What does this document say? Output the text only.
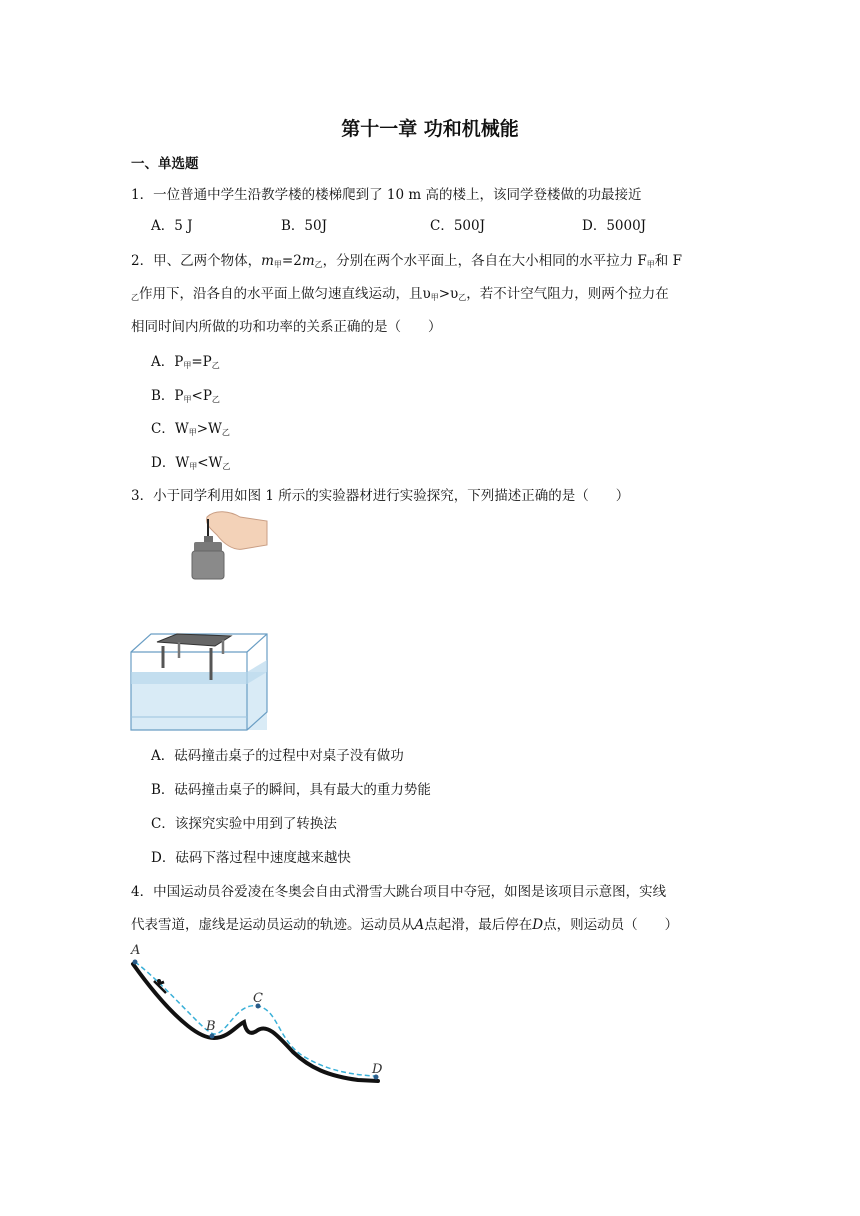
第十一章 功和机械能
一、单选题
1．一位普通中学生沿教学楼的楼梯爬到了 10 m 高的楼上，该同学登楼做的功最接近
A．5 J	B．50J	C．500J	D．5000J
2．甲、乙两个物体，$m_甲=2m_乙$，分别在两个水平面上，各自在大小相同的水平拉力 $F_甲$和 F
$_乙$作用下，沿各自的水平面上做匀速直线运动，且$\upsilon_甲>\upsilon_乙$，若不计空气阻力，则两个拉力在
相同时间内所做的功和功率的关系正确的是（　　）
A．$P_甲=P_乙$
B．$P_甲<P_乙$
C．$W_甲>W_乙$
D．$W_甲<W_乙$
3．小于同学利用如图 1 所示的实验器材进行实验探究，下列描述正确的是（　　）
A．砝码撞击桌子的过程中对桌子没有做功
B．砝码撞击桌子的瞬间，具有最大的重力势能
C．该探究实验中用到了转换法
D．砝码下落过程中速度越来越快
4．中国运动员谷爱凌在冬奥会自由式滑雪大跳台项目中夺冠，如图是该项目示意图，实线
代表雪道，虚线是运动员运动的轨迹。运动员从A点起滑，最后停在D点，则运动员（　　）
A
B
C
D
